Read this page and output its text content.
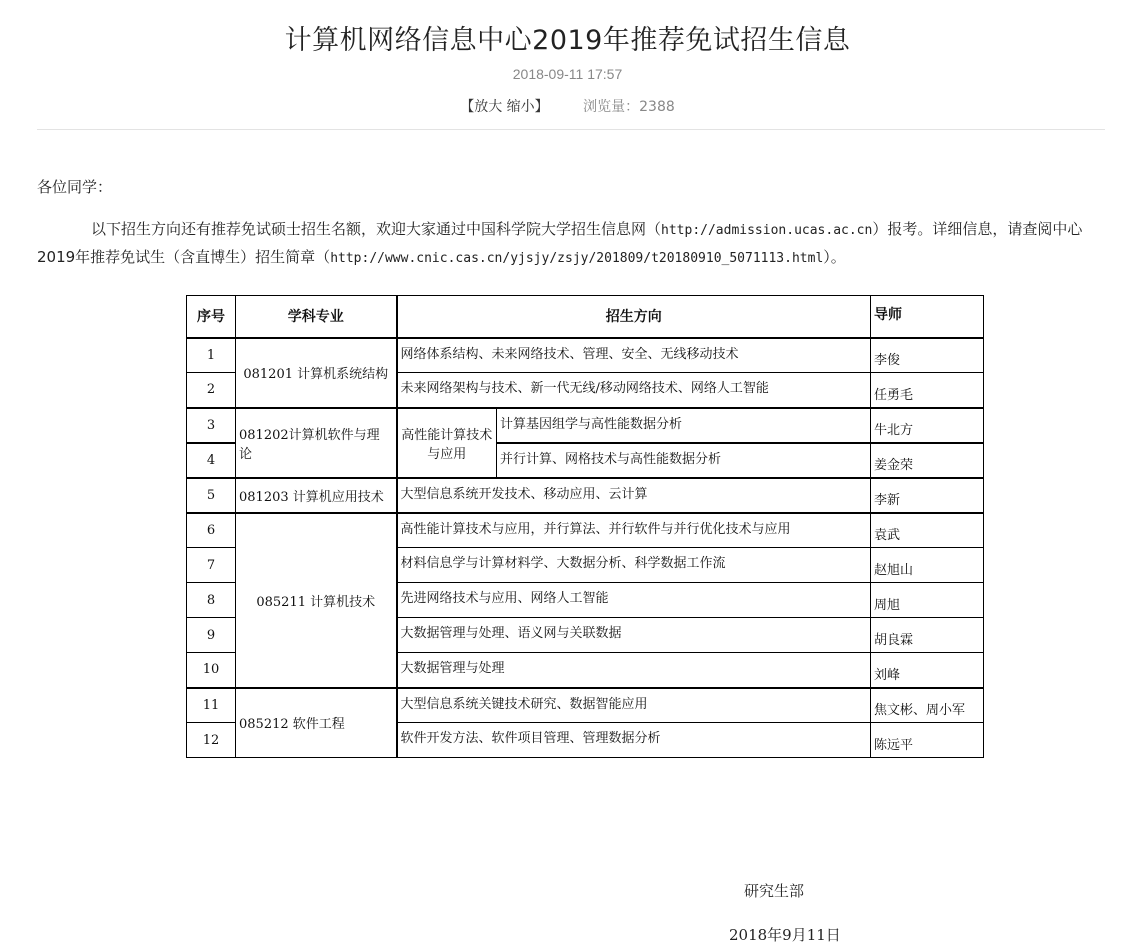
计算机网络信息中心2019年推荐免试招生信息
2018-09-11 17:57
【放大 缩小】 浏览量：2388
各位同学：
以下招生方向还有推荐免试硕士招生名额，欢迎大家通过中国科学院大学招生信息网（http://admission.ucas.ac.cn）报考。详细信息，请查阅中心2019年推荐免试生（含直博生）招生简章（http://www.cnic.cas.cn/yjsjy/zsjy/201809/t20180910_5071113.html）。
序号	学科专业	招生方向		导师
1	081201 计算机系统结构	网络体系结构、未来网络技术、管理、安全、无线移动技术		李俊
2		未来网络架构与技术、新一代无线/移动网络技术、网络人工智能		任勇毛
3	081202计算机软件与理论	高性能计算技术与应用	计算基因组学与高性能数据分析	牛北方
4			并行计算、网格技术与高性能数据分析	姜金荣
5	081203 计算机应用技术	大型信息系统开发技术、移动应用、云计算		李新
6	085211 计算机技术	高性能计算技术与应用，并行算法、并行软件与并行优化技术与应用		袁武
7		材料信息学与计算材料学、大数据分析、科学数据工作流		赵旭山
8		先进网络技术与应用、网络人工智能		周旭
9		大数据管理与处理、语义网与关联数据		胡良霖
10		大数据管理与处理		刘峰
11	085212 软件工程	大型信息系统关键技术研究、数据智能应用		焦文彬、周小军
12		软件开发方法、软件项目管理、管理数据分析		陈远平
研究生部
2018年9月11日
